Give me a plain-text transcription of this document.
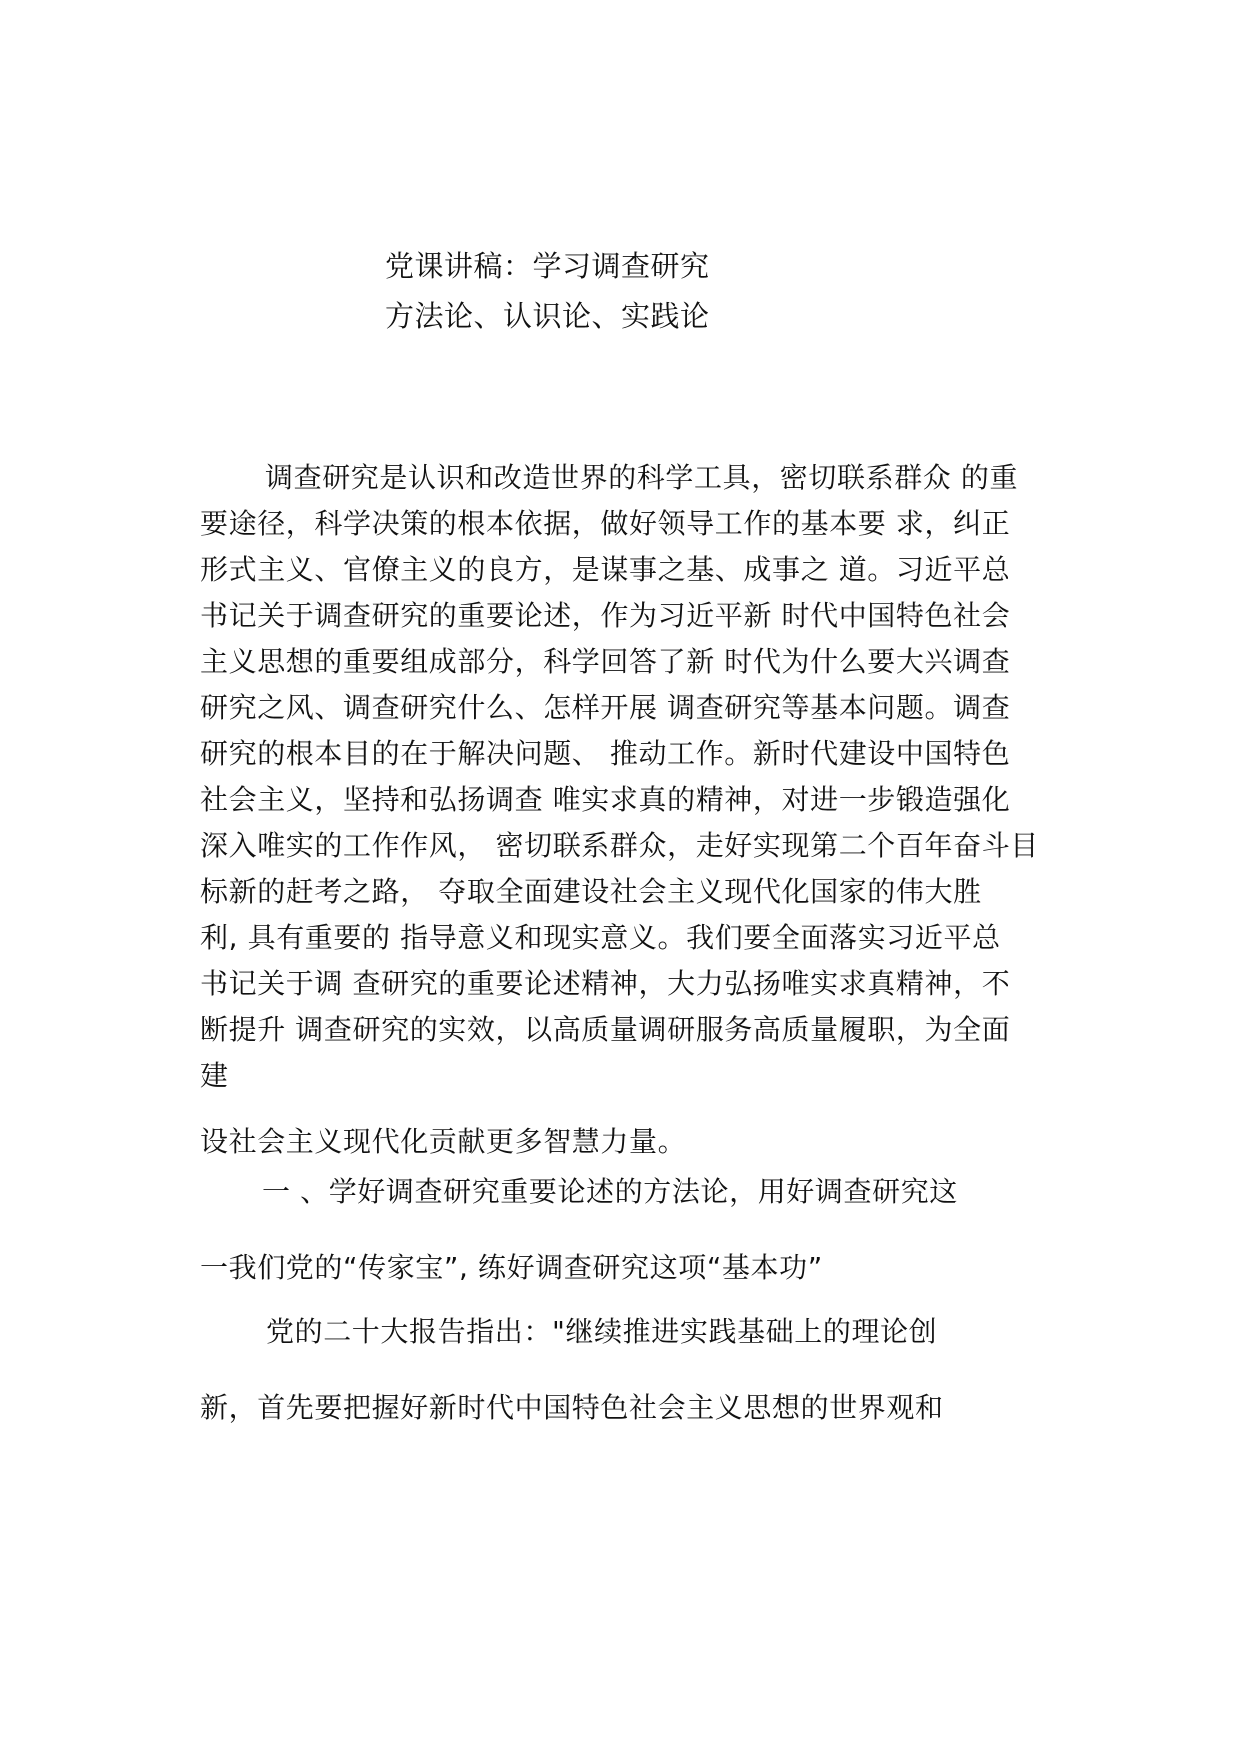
党课讲稿：学习调查研究
方法论、认识论、实践论
调查研究是认识和改造世界的科学工具，密切联系群众 的重
要途径，科学决策的根本依据，做好领导工作的基本要 求，纠正
形式主义、官僚主义的良方，是谋事之基、成事之 道。习近平总
书记关于调查研究的重要论述，作为习近平新 时代中国特色社会
主义思想的重要组成部分，科学回答了新 时代为什么要大兴调查
研究之风、调查研究什么、怎样开展 调查研究等基本问题。调查
研究的根本目的在于解决问题、 推动工作。新时代建设中国特色
社会主义，坚持和弘扬调查 唯实求真的精神，对进一步锻造强化
深入唯实的工作作风， 密切联系群众，走好实现第二个百年奋斗目
标新的赶考之路， 夺取全面建设社会主义现代化国家的伟大胜
利, 具有重要的 指导意义和现实意义。我们要全面落实习近平总
书记关于调 查研究的重要论述精神，大力弘扬唯实求真精神，不
断提升 调查研究的实效，以高质量调研服务高质量履职，为全面
建
设社会主义现代化贡献更多智慧力量。
一 、学好调查研究重要论述的方法论，用好调查研究这
一我们党的“传家宝”, 练好调查研究这项“基本功”
党的二十大报告指出："继续推进实践基础上的理论创
新，首先要把握好新时代中国特色社会主义思想的世界观和
